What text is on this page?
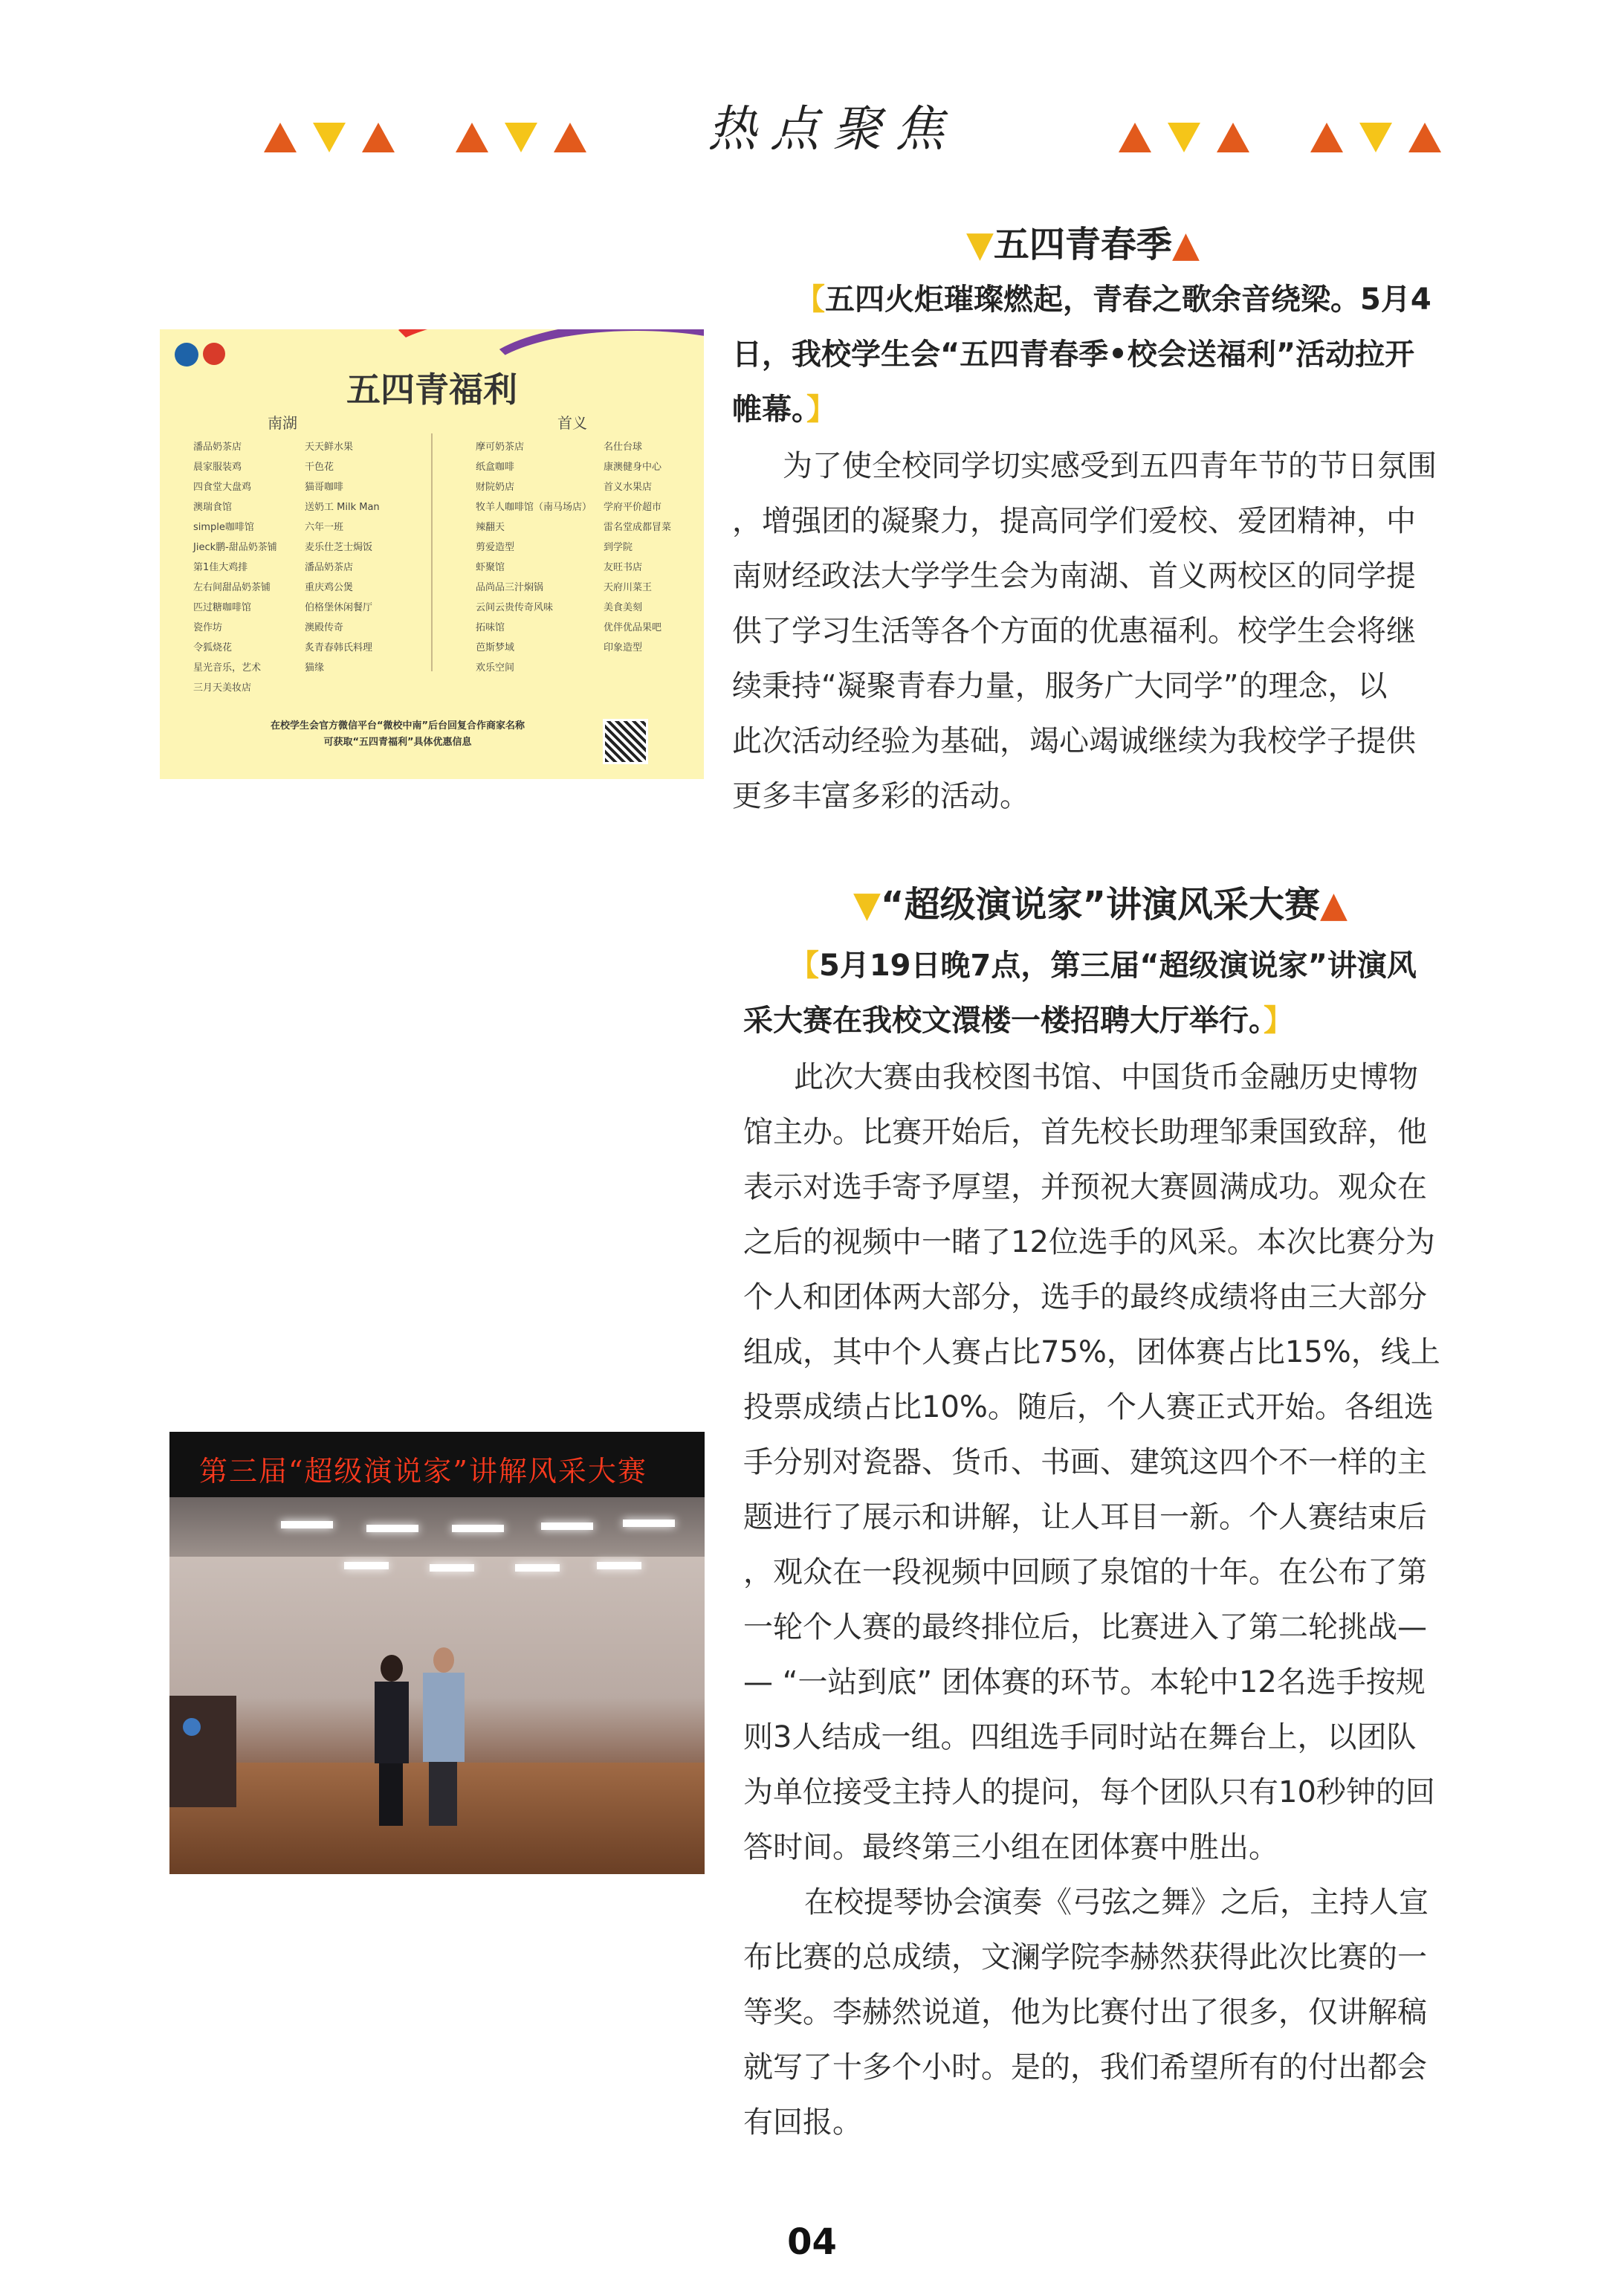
热点聚焦
▼五四青春季▲
【五四火炬璀璨燃起，青春之歌余音绕梁。5月4
日，我校学生会“五四青春季•校会送福利”活动拉开
帷幕。】
为了使全校同学切实感受到五四青年节的节日氛围
，增强团的凝聚力，提高同学们爱校、爱团精神，中
南财经政法大学学生会为南湖、首义两校区的同学提
供了学习生活等各个方面的优惠福利。校学生会将继
续秉持“凝聚青春力量，服务广大同学”的理念，以
此次活动经验为基础，竭心竭诚继续为我校学子提供
更多丰富多彩的活动。
五四青福利
南湖	首义
潘品奶茶店
晨家服装鸡
四食堂大盘鸡
澳瑞食馆
simple咖啡馆
Jieck鹏-甜品奶茶铺
第1佳大鸡排
左右间甜品奶茶铺
匹过糖咖啡馆
瓷作坊
令狐烧花
星光音乐，艺术
三月天美妆店
天天鲜水果
干色花
猫哥咖啡
送奶工 Milk Man
六年一班
麦乐仕芝士焗饭
潘品奶茶店
重庆鸡公煲
伯格堡休闲餐厅
澳殿传奇
炙青春韩氏料理
猫缘
摩可奶茶店
纸盒咖啡
财院奶店
牧羊人咖啡馆（南马场店）
辣翻天
剪爱造型
虾聚馆
品尚品三汁焖锅
云间云贵传奇风味
拓味馆
芭斯梦域
欢乐空间
名仕台球
康澳健身中心
首义水果店
学府平价超市
雷名堂成都冒菜
到学院
友旺书店
天府川菜王
美食美刻
优伴优品果吧
印象造型
在校学生会官方微信平台“微校中南”后台回复合作商家名称
可获取“五四青福利”具体优惠信息
▼“超级演说家”讲演风采大赛▲
【5月19日晚7点，第三届“超级演说家”讲演风
采大赛在我校文澴楼一楼招聘大厅举行。】
此次大赛由我校图书馆、中国货币金融历史博物
馆主办。比赛开始后，首先校长助理邹秉国致辞，他
表示对选手寄予厚望，并预祝大赛圆满成功。观众在
之后的视频中一睹了12位选手的风采。本次比赛分为
个人和团体两大部分，选手的最终成绩将由三大部分
组成，其中个人赛占比75%，团体赛占比15%，线上
投票成绩占比10%。随后，个人赛正式开始。各组选
手分别对瓷器、货币、书画、建筑这四个不一样的主
题进行了展示和讲解，让人耳目一新。个人赛结束后
，观众在一段视频中回顾了泉馆的十年。在公布了第
一轮个人赛的最终排位后，比赛进入了第二轮挑战—
— “一站到底” 团体赛的环节。本轮中12名选手按规
则3人结成一组。四组选手同时站在舞台上，以团队
为单位接受主持人的提问，每个团队只有10秒钟的回
答时间。最终第三小组在团体赛中胜出。
在校提琴协会演奏《弓弦之舞》之后，主持人宣
布比赛的总成绩，文澜学院李赫然获得此次比赛的一
等奖。李赫然说道，他为比赛付出了很多，仅讲解稿
就写了十多个小时。是的，我们希望所有的付出都会
有回报。
第三届“超级演说家”讲解风采大赛
04
